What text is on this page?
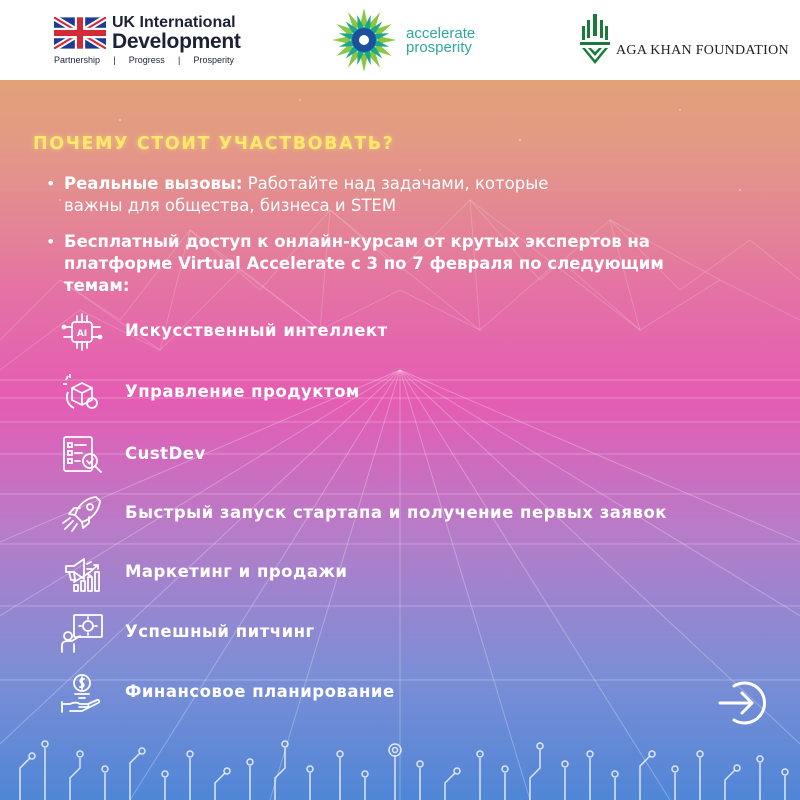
UK International
Development
Partnership | Progress | Prosperity
accelerate
prosperity	AGA KHAN FOUNDATION
ПОЧЕМУ СТОИТ УЧАСТВОВАТЬ?
• Реальные вызовы: Работайте над задачами, которые важны для общества, бизнеса и STEM
• Бесплатный доступ к онлайн-курсам от крутых экспертов на платформе Virtual Accelerate с 3 по 7 февраля по следующим темам:
AI Искусственный интеллект
Управление продуктом
CustDev
Быстрый запуск стартапа и получение первых заявок
Маркетинг и продажи
Успешный питчинг
Финансовое планирование
